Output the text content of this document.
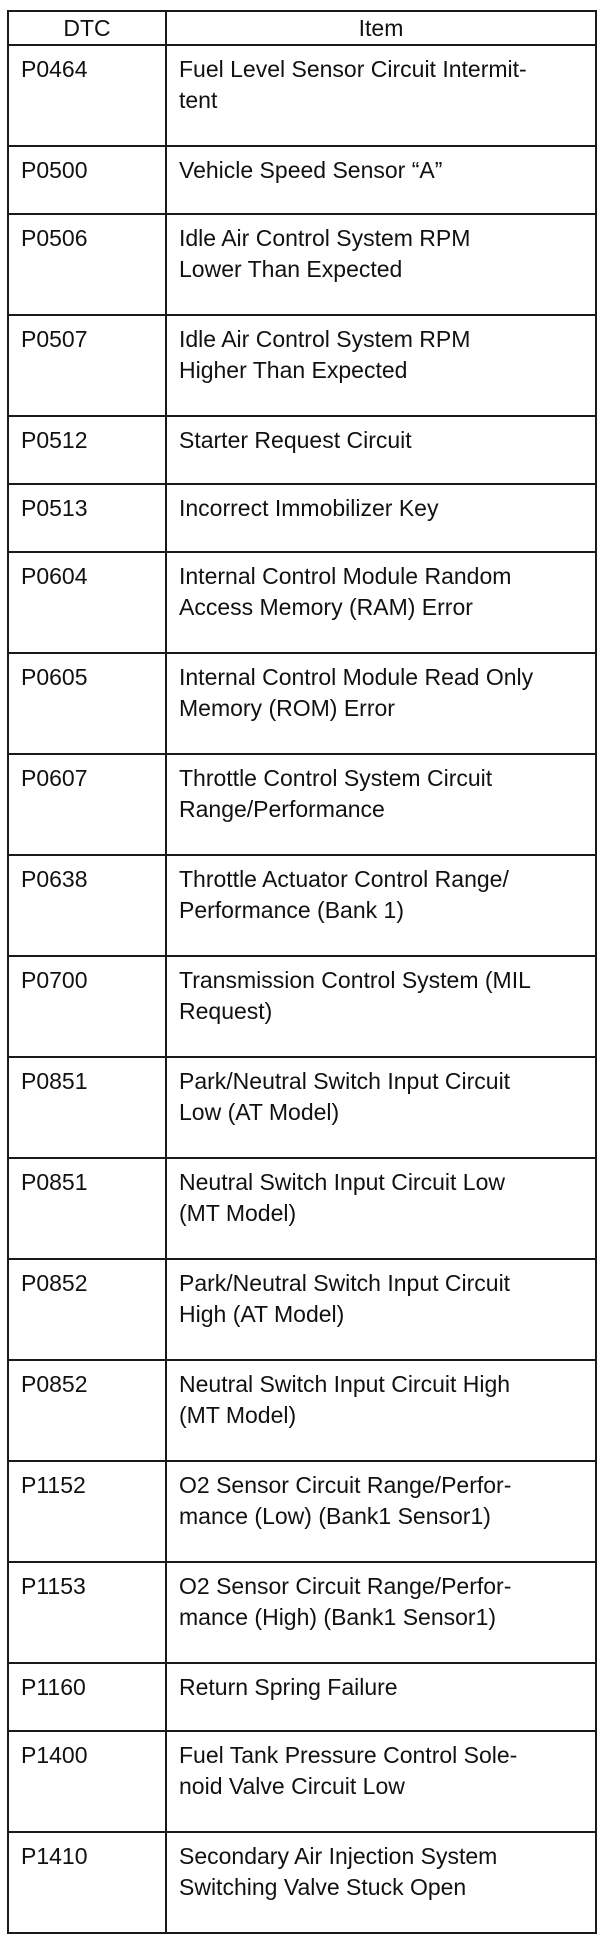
DTC	Item
P0464	Fuel Level Sensor Circuit Intermit-
tent
P0500	Vehicle Speed Sensor “A”
P0506	Idle Air Control System RPM
Lower Than Expected
P0507	Idle Air Control System RPM
Higher Than Expected
P0512	Starter Request Circuit
P0513	Incorrect Immobilizer Key
P0604	Internal Control Module Random
Access Memory (RAM) Error
P0605	Internal Control Module Read Only
Memory (ROM) Error
P0607	Throttle Control System Circuit
Range/Performance
P0638	Throttle Actuator Control Range/
Performance (Bank 1)
P0700	Transmission Control System (MIL
Request)
P0851	Park/Neutral Switch Input Circuit
Low (AT Model)
P0851	Neutral Switch Input Circuit Low
(MT Model)
P0852	Park/Neutral Switch Input Circuit
High (AT Model)
P0852	Neutral Switch Input Circuit High
(MT Model)
P1152	O2 Sensor Circuit Range/Perfor-
mance (Low) (Bank1 Sensor1)
P1153	O2 Sensor Circuit Range/Perfor-
mance (High) (Bank1 Sensor1)
P1160	Return Spring Failure
P1400	Fuel Tank Pressure Control Sole-
noid Valve Circuit Low
P1410	Secondary Air Injection System
Switching Valve Stuck Open
